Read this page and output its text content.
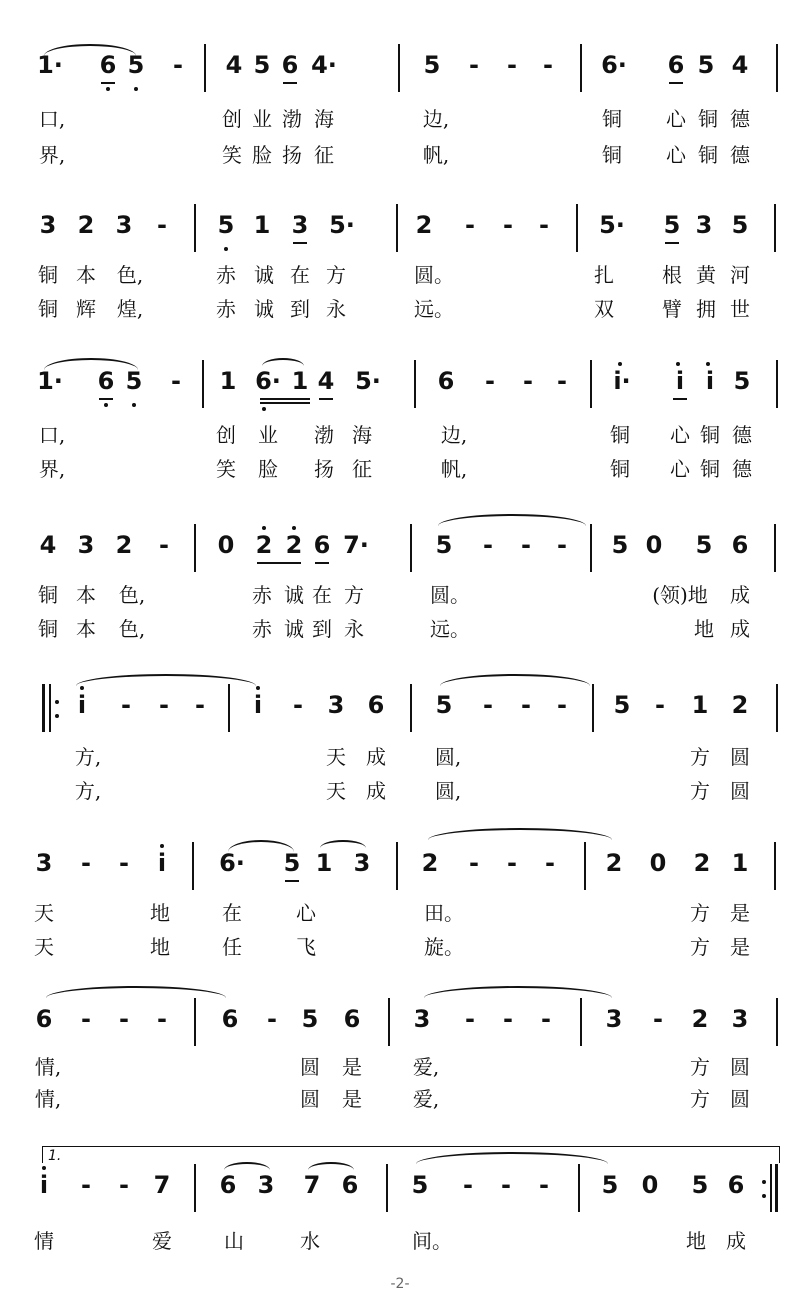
1· 6 5 - 4 5 6 4·	5 - - - 6· 6 5 4
口,	创 业 渤 海	边,	铜 心 铜 德
界,	笑 脸 扬 征	帆,	铜 心 铜 德
3 2 3 - 5 1 3 5·	2 - - - 5· 5 3 5
铜 本 色,	赤 诚 在 方	圆。	扎 根 黄 河
铜 辉 煌,	赤 诚 到 永	远。	双 臂 拥 世
1· 6 5 - 1 6· 1 4 5· 6 - - - i· i i 5
口,	创 业 渤 海	边,	铜 心 铜 德
界,	笑 脸 扬 征	帆,	铜 心 铜 德
4 3 2 - 0 2 2 6 7·	5 - - - 5 0 5 6
铜 本 色,	赤 诚 在 方	圆。	(领)地 成
铜 本 色,	赤 诚 到 永	远。	地 成
i - - - i - 3 6 5 - - - 5 - 1 2
方,	天 成 圆,	方 圆
方,	天 成 圆,	方 圆
3 - - i 6· 5 1 3 2 - - - 2 0 2 1
天	地	在	心	田。	方 是
天	地	任	飞	旋。	方 是
6 - - - 6 - 5 6 3 - - - 3 - 2 3
情,	圆 是	爱,	方 圆
情,	圆 是	爱,	方 圆
1.
i - - 7 6 3 7 6 5 - - - 5 0 5 6
情	爱	山	水	间。	地 成
-2-
